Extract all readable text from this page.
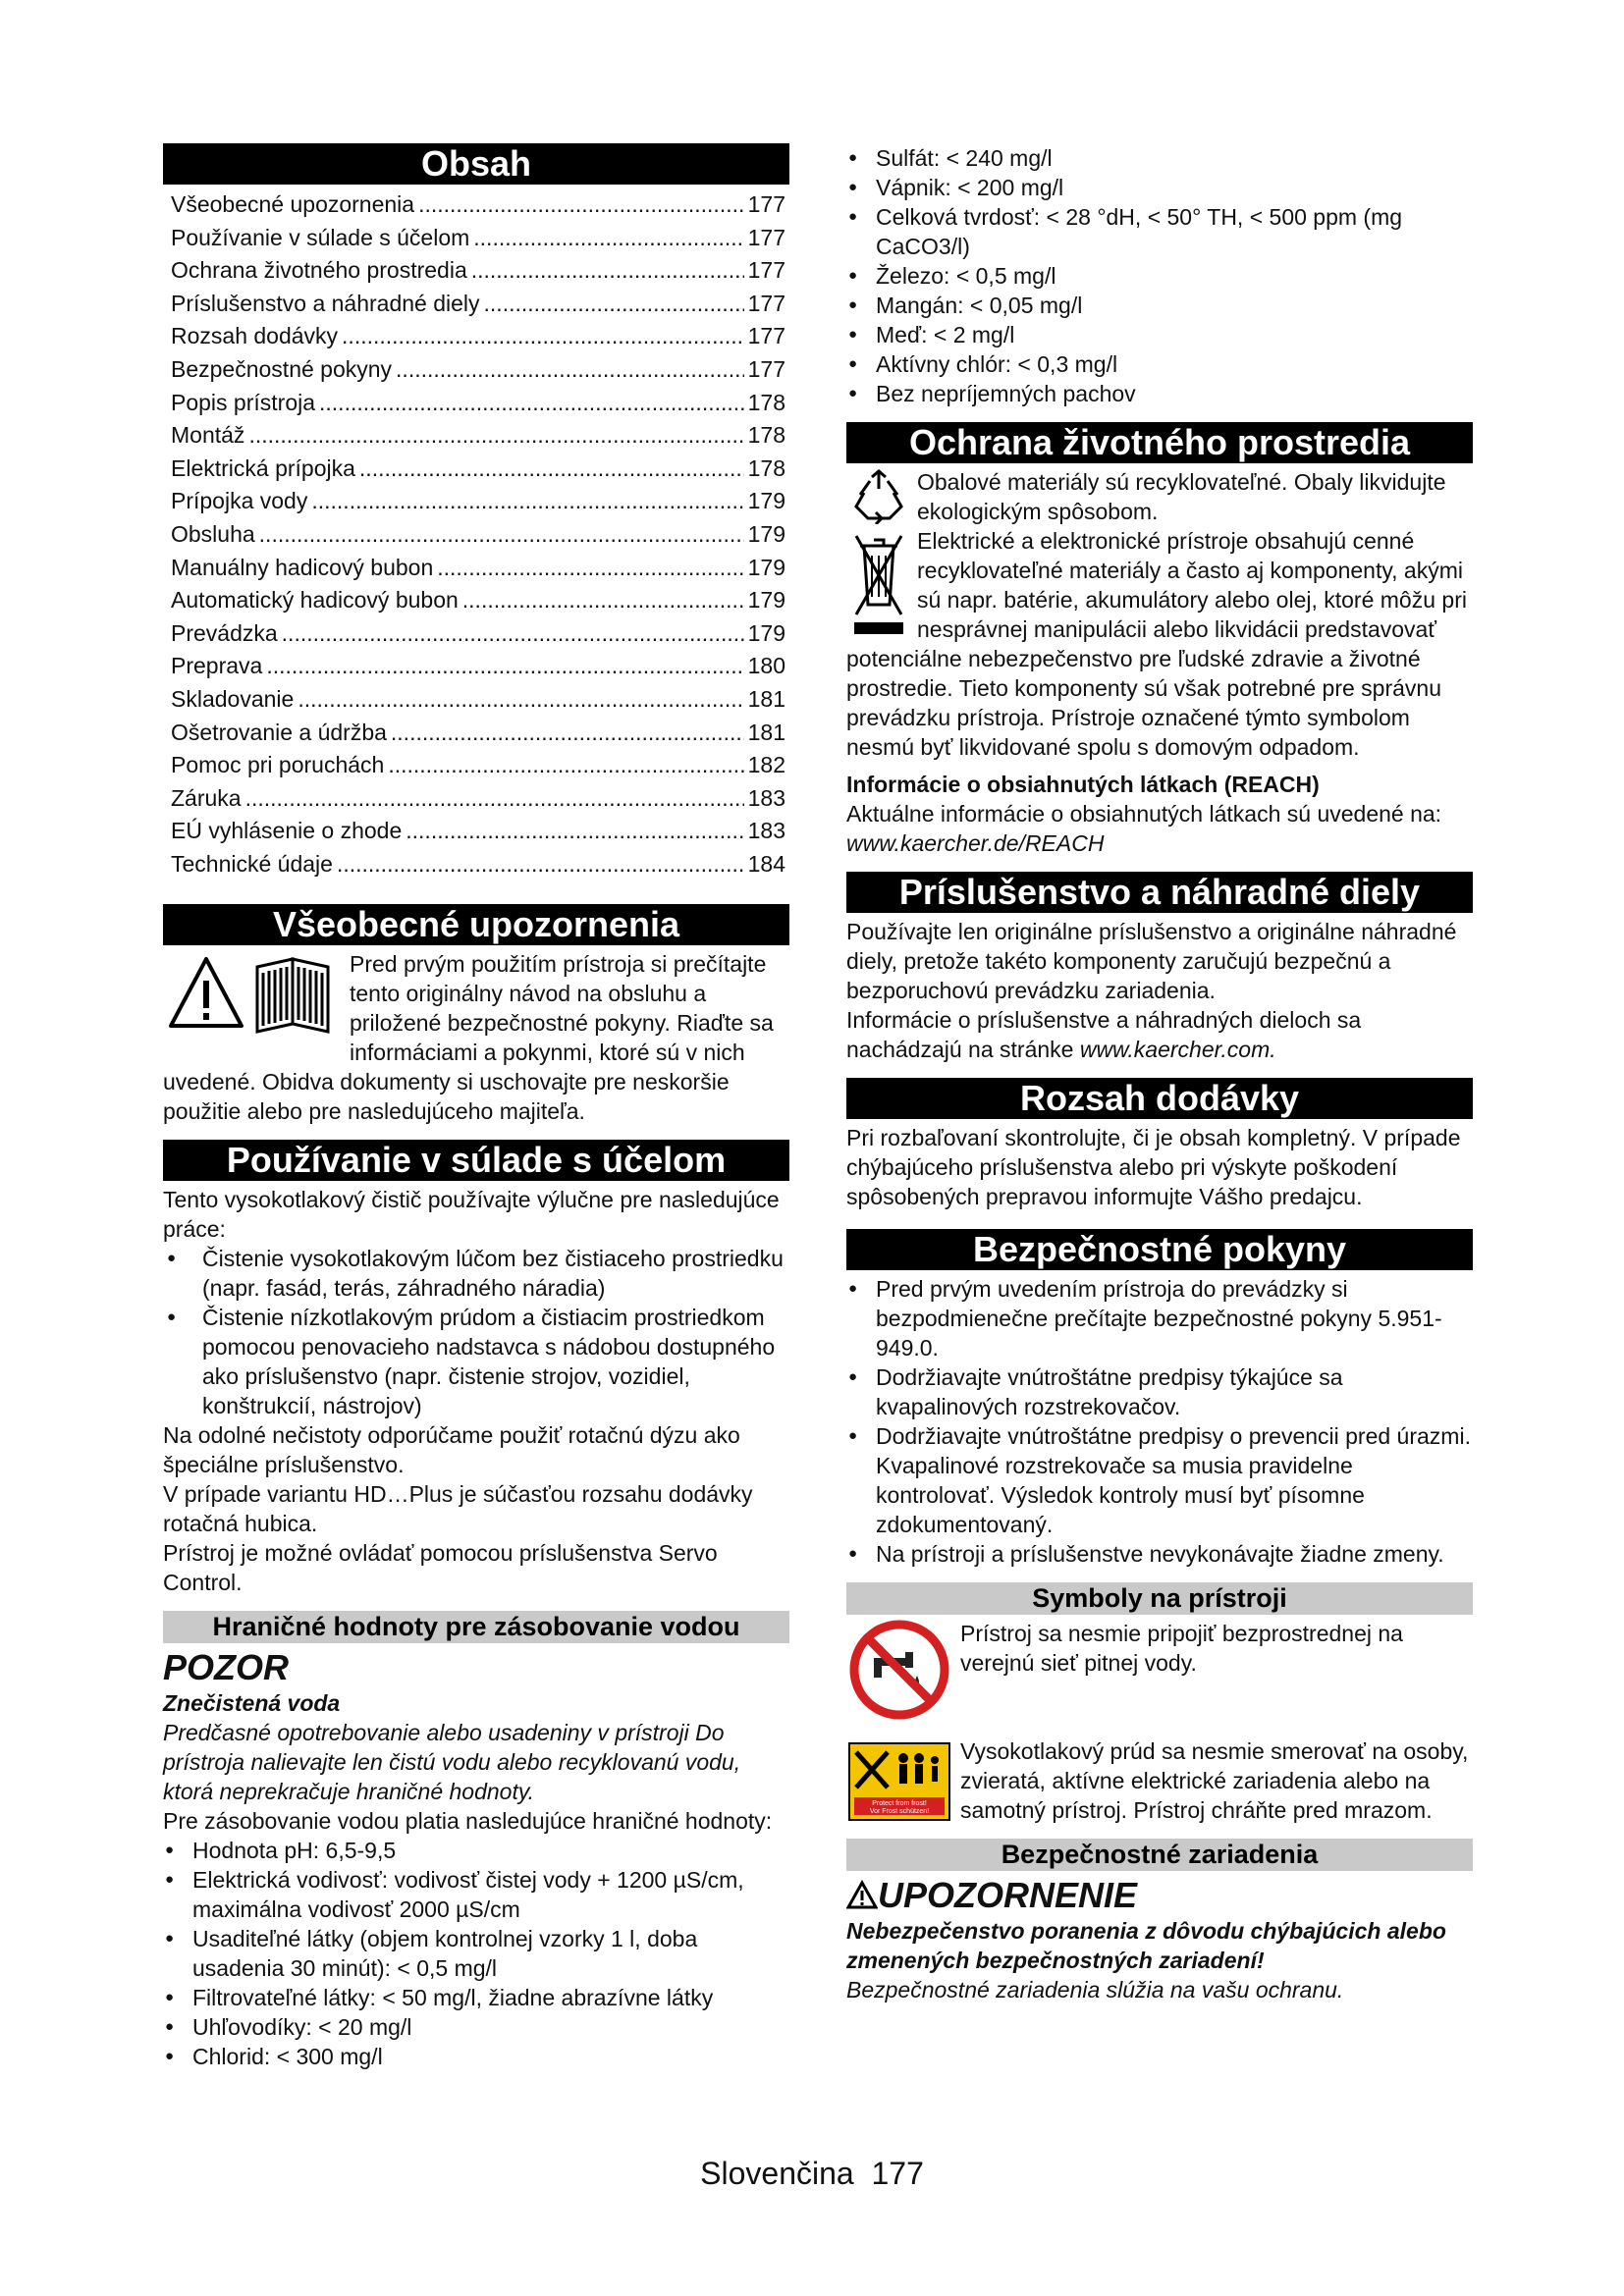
Obsah
Všeobecné upozornenia .....	177
Používanie v súlade s účelom .....	177
Ochrana životného prostredia .....	177
Príslušenstvo a náhradné diely .....	177
Rozsah dodávky .....	177
Bezpečnostné pokyny .....	177
Popis prístroja .....	178
Montáž .....	178
Elektrická prípojka .....	178
Prípojka vody .....	179
Obsluha .....	179
Manuálny hadicový bubon .....	179
Automatický hadicový bubon .....	179
Prevádzka .....	179
Preprava .....	180
Skladovanie .....	181
Ošetrovanie a údržba .....	181
Pomoc pri poruchách .....	182
Záruka .....	183
EÚ vyhlásenie o zhode .....	183
Technické údaje .....	184
Všeobecné upozornenia
Pred prvým použitím prístroja si prečítajte tento originálny návod na obsluhu a priložené bezpečnostné pokyny. Riaďte sa informáciami a pokynmi, ktoré sú v nich uvedené. Obidva dokumenty si uschovajte pre neskoršie použitie alebo pre nasledujúceho majiteľa.
Používanie v súlade s účelom
Tento vysokotlakový čistič používajte výlučne pre nasledujúce práce:
● Čistenie vysokotlakovým lúčom bez čistiaceho prostriedku (napr. fasád, terás, záhradného náradia)
● Čistenie nízkotlakovým prúdom a čistiacim prostriedkom pomocou penovacieho nadstavca s nádobou dostupného ako príslušenstvo (napr. čistenie strojov, vozidiel, konštrukcií, nástrojov)
Na odolné nečistoty odporúčame použiť rotačnú dýzu ako špeciálne príslušenstvo.
V prípade variantu HD…Plus je súčasťou rozsahu dodávky rotačná hubica.
Prístroj je možné ovládať pomocou príslušenstva Servo Control.
Hraničné hodnoty pre zásobovanie vodou
POZOR
Znečistená voda
Predčasné opotrebovanie alebo usadeniny v prístroji Do prístroja nalievajte len čistú vodu alebo recyklovanú vodu, ktorá neprekračuje hraničné hodnoty.
Pre zásobovanie vodou platia nasledujúce hraničné hodnoty:
● Hodnota pH: 6,5-9,5
● Elektrická vodivosť: vodivosť čistej vody + 1200 µS/cm, maximálna vodivosť 2000 µS/cm
● Usaditeľné látky (objem kontrolnej vzorky 1 l, doba usadenia 30 minút): < 0,5 mg/l
● Filtrovateľné látky: < 50 mg/l, žiadne abrazívne látky
● Uhľovodíky: < 20 mg/l
● Chlorid: < 300 mg/l
● Sulfát: < 240 mg/l
● Vápnik: < 200 mg/l
● Celková tvrdosť: < 28 °dH, < 50° TH, < 500 ppm (mg CaCO3/l)
● Železo: < 0,5 mg/l
● Mangán: < 0,05 mg/l
● Meď: < 2 mg/l
● Aktívny chlór: < 0,3 mg/l
● Bez nepríjemných pachov
Ochrana životného prostredia
Obalové materiály sú recyklovateľné. Obaly likvidujte ekologickým spôsobom.
Elektrické a elektronické prístroje obsahujú cenné recyklovateľné materiály a často aj komponenty, akými sú napr. batérie, akumulátory alebo olej, ktoré môžu pri nesprávnej manipulácii alebo likvidácii predstavovať potenciálne nebezpečenstvo pre ľudské zdravie a životné prostredie. Tieto komponenty sú však potrebné pre správnu prevádzku prístroja. Prístroje označené týmto symbolom nesmú byť likvidované spolu s domovým odpadom.
Informácie o obsiahnutých látkach (REACH)
Aktuálne informácie o obsiahnutých látkach sú uvedené na: www.kaercher.de/REACH
Príslušenstvo a náhradné diely
Používajte len originálne príslušenstvo a originálne náhradné diely, pretože takéto komponenty zaručujú bezpečnú a bezporuchovú prevádzku zariadenia.
Informácie o príslušenstve a náhradných dieloch sa nachádzajú na stránke www.kaercher.com.
Rozsah dodávky
Pri rozbaľovaní skontrolujte, či je obsah kompletný. V prípade chýbajúceho príslušenstva alebo pri výskyte poškodení spôsobených prepravou informujte Vášho predajcu.
Bezpečnostné pokyny
● Pred prvým uvedením prístroja do prevádzky si bezpodmienečne prečítajte bezpečnostné pokyny 5.951-949.0.
● Dodržiavajte vnútroštátne predpisy týkajúce sa kvapalinových rozstrekovačov.
● Dodržiavajte vnútroštátne predpisy o prevencii pred úrazmi. Kvapalinové rozstrekovače sa musia pravidelne kontrolovať. Výsledok kontroly musí byť písomne zdokumentovaný.
● Na prístroji a príslušenstve nevykonávajte žiadne zmeny.
Symboly na prístroji
Prístroj sa nesmie pripojiť bezprostrednej na verejnú sieť pitnej vody.
Protect from frost!
Vor Frost schützen!
Vysokotlakový prúd sa nesmie smerovať na osoby, zvieratá, aktívne elektrické zariadenia alebo na samotný prístroj. Prístroj chráňte pred mrazom.
Bezpečnostné zariadenia
UPOZORNENIE
Nebezpečenstvo poranenia z dôvodu chýbajúcich alebo zmenených bezpečnostných zariadení!
Bezpečnostné zariadenia slúžia na vašu ochranu.
Slovenčina 177
